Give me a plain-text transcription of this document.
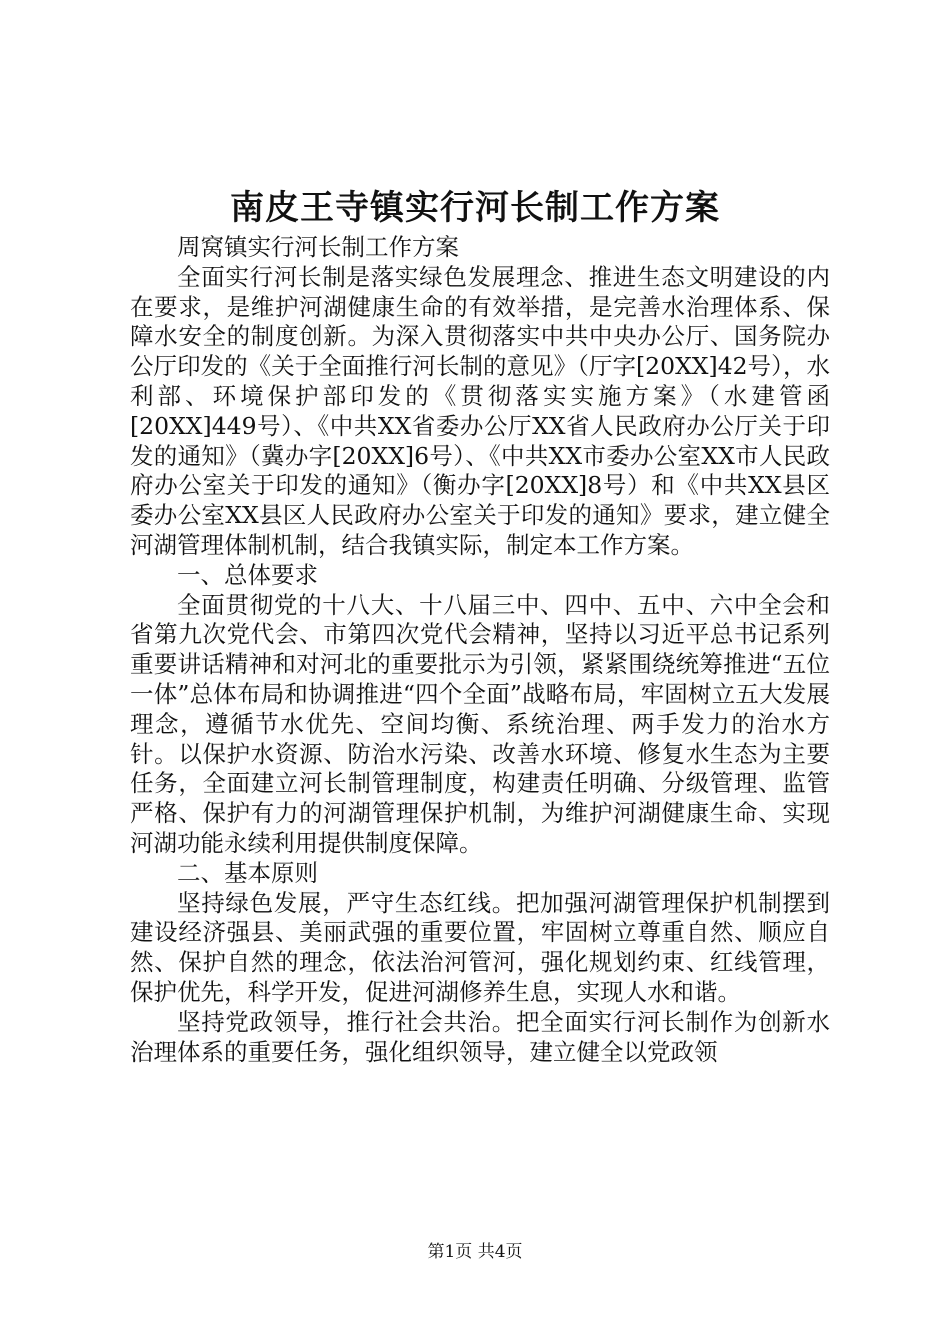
南皮王寺镇实行河长制工作方案

周窝镇实行河长制工作方案

全面实行河长制是落实绿色发展理念、推进生态文明建设的内在要求，是维护河湖健康生命的有效举措，是完善水治理体系、保障水安全的制度创新。为深入贯彻落实中共中央办公厅、国务院办公厅印发的《关于全面推行河长制的意见》（厅字[20XX]42号），水利部、环境保护部印发的《贯彻落实实施方案》（水建管函[20XX]449号）、《中共XX省委办公厅XX省人民政府办公厅关于印发的通知》（冀办字[20XX]6号）、《中共XX市委办公室XX市人民政府办公室关于印发的通知》（衡办字[20XX]8号）和《中共XX县区委办公室XX县区人民政府办公室关于印发的通知》要求，建立健全河湖管理体制机制，结合我镇实际，制定本工作方案。

一、总体要求

全面贯彻党的十八大、十八届三中、四中、五中、六中全会和省第九次党代会、市第四次党代会精神，坚持以习近平总书记系列重要讲话精神和对河北的重要批示为引领，紧紧围绕统筹推进“五位一体”总体布局和协调推进“四个全面”战略布局，牢固树立五大发展理念，遵循节水优先、空间均衡、系统治理、两手发力的治水方针。以保护水资源、防治水污染、改善水环境、修复水生态为主要任务，全面建立河长制管理制度，构建责任明确、分级管理、监管严格、保护有力的河湖管理保护机制，为维护河湖健康生命、实现河湖功能永续利用提供制度保障。

二、基本原则

坚持绿色发展，严守生态红线。把加强河湖管理保护机制摆到建设经济强县、美丽武强的重要位置，牢固树立尊重自然、顺应自然、保护自然的理念，依法治河管河，强化规划约束、红线管理，保护优先，科学开发，促进河湖修养生息，实现人水和谐。

坚持党政领导，推行社会共治。把全面实行河长制作为创新水治理体系的重要任务，强化组织领导，建立健全以党政领

第1页 共4页
